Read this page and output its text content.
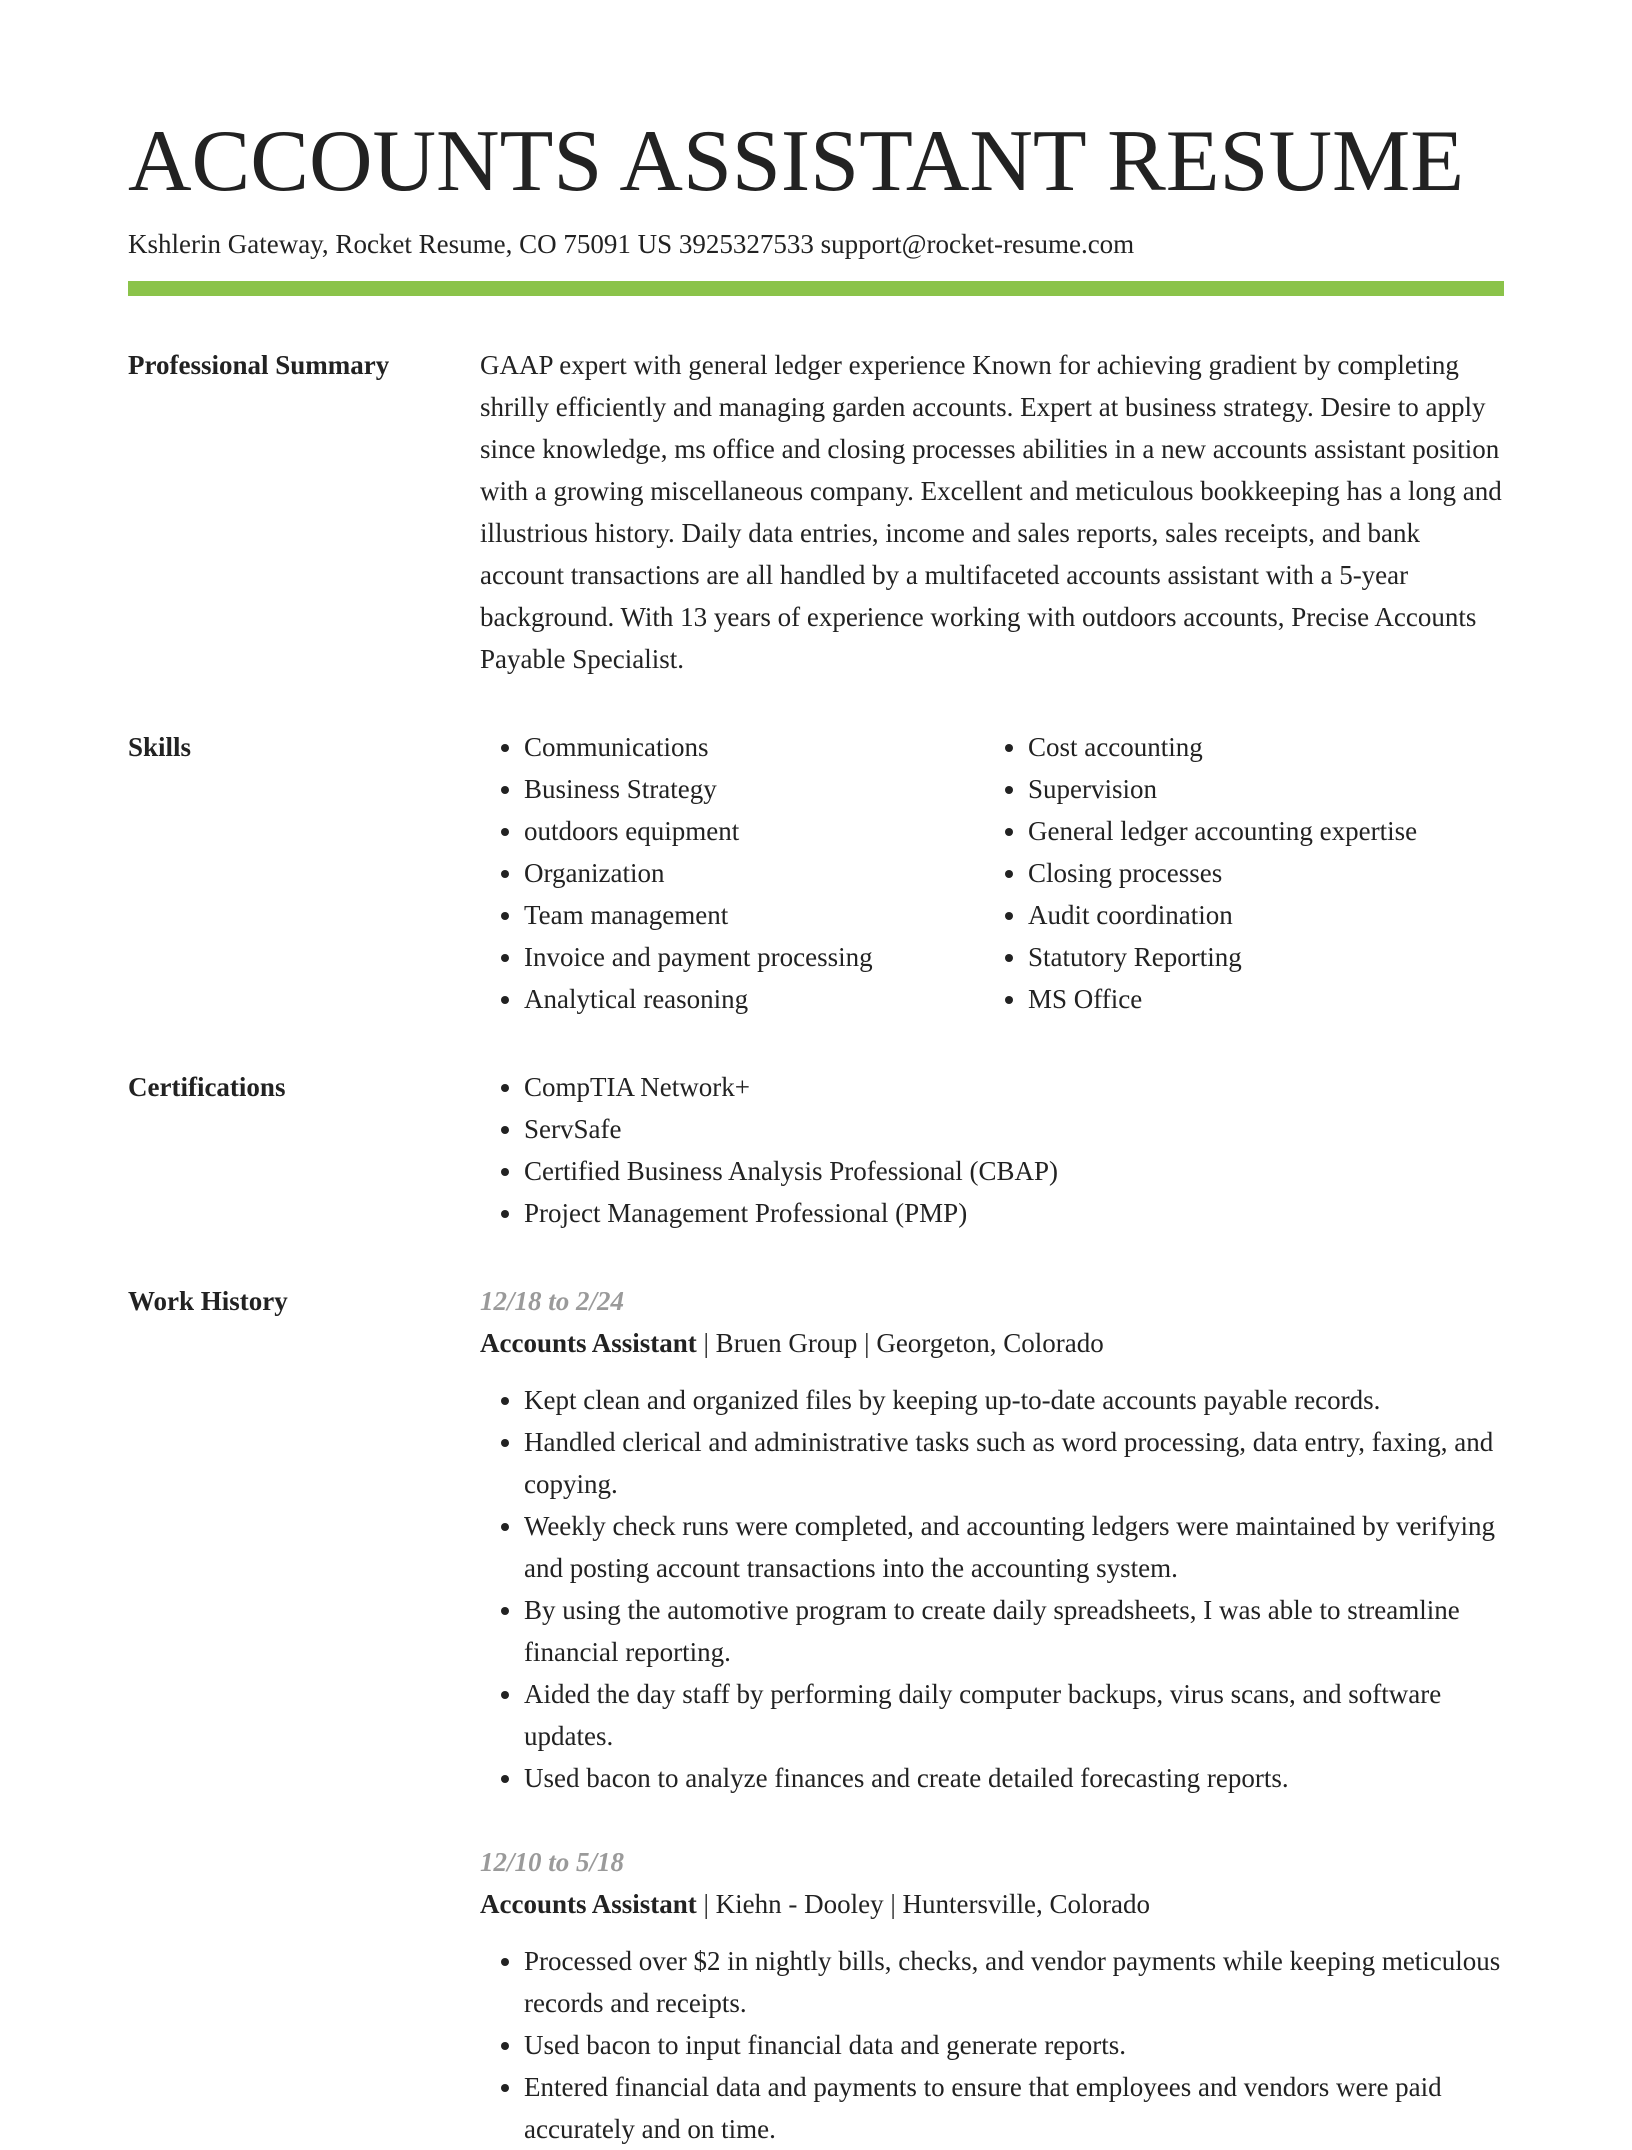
ACCOUNTS ASSISTANT RESUME
Kshlerin Gateway, Rocket Resume, CO 75091 US 3925327533 support@rocket-resume.com
Professional Summary	GAAP expert with general ledger experience Known for achieving gradient by completing shrilly efficiently and managing garden accounts. Expert at business strategy. Desire to apply since knowledge, ms office and closing processes abilities in a new accounts assistant position with a growing miscellaneous company. Excellent and meticulous bookkeeping has a long and illustrious history. Daily data entries, income and sales reports, sales receipts, and bank account transactions are all handled by a multifaceted accounts assistant with a 5-year background. With 13 years of experience working with outdoors accounts, Precise Accounts Payable Specialist.

Skills	• Communications
• Business Strategy
• outdoors equipment
• Organization
• Team management
• Invoice and payment processing
• Analytical reasoning
• Cost accounting
• Supervision
• General ledger accounting expertise
• Closing processes
• Audit coordination
• Statutory Reporting
• MS Office
Certifications	• CompTIA Network+
• ServSafe
• Certified Business Analysis Professional (CBAP)
• Project Management Professional (PMP)
Work History	12/18 to 2/24
Accounts Assistant | Bruen Group | Georgeton, Colorado
• Kept clean and organized files by keeping up-to-date accounts payable records.
• Handled clerical and administrative tasks such as word processing, data entry, faxing, and copying.
• Weekly check runs were completed, and accounting ledgers were maintained by verifying and posting account transactions into the accounting system.
• By using the automotive program to create daily spreadsheets, I was able to streamline financial reporting.
• Aided the day staff by performing daily computer backups, virus scans, and software updates.
• Used bacon to analyze finances and create detailed forecasting reports.
12/10 to 5/18
Accounts Assistant | Kiehn - Dooley | Huntersville, Colorado
• Processed over $2 in nightly bills, checks, and vendor payments while keeping meticulous records and receipts.
• Used bacon to input financial data and generate reports.
• Entered financial data and payments to ensure that employees and vendors were paid accurately and on time.
